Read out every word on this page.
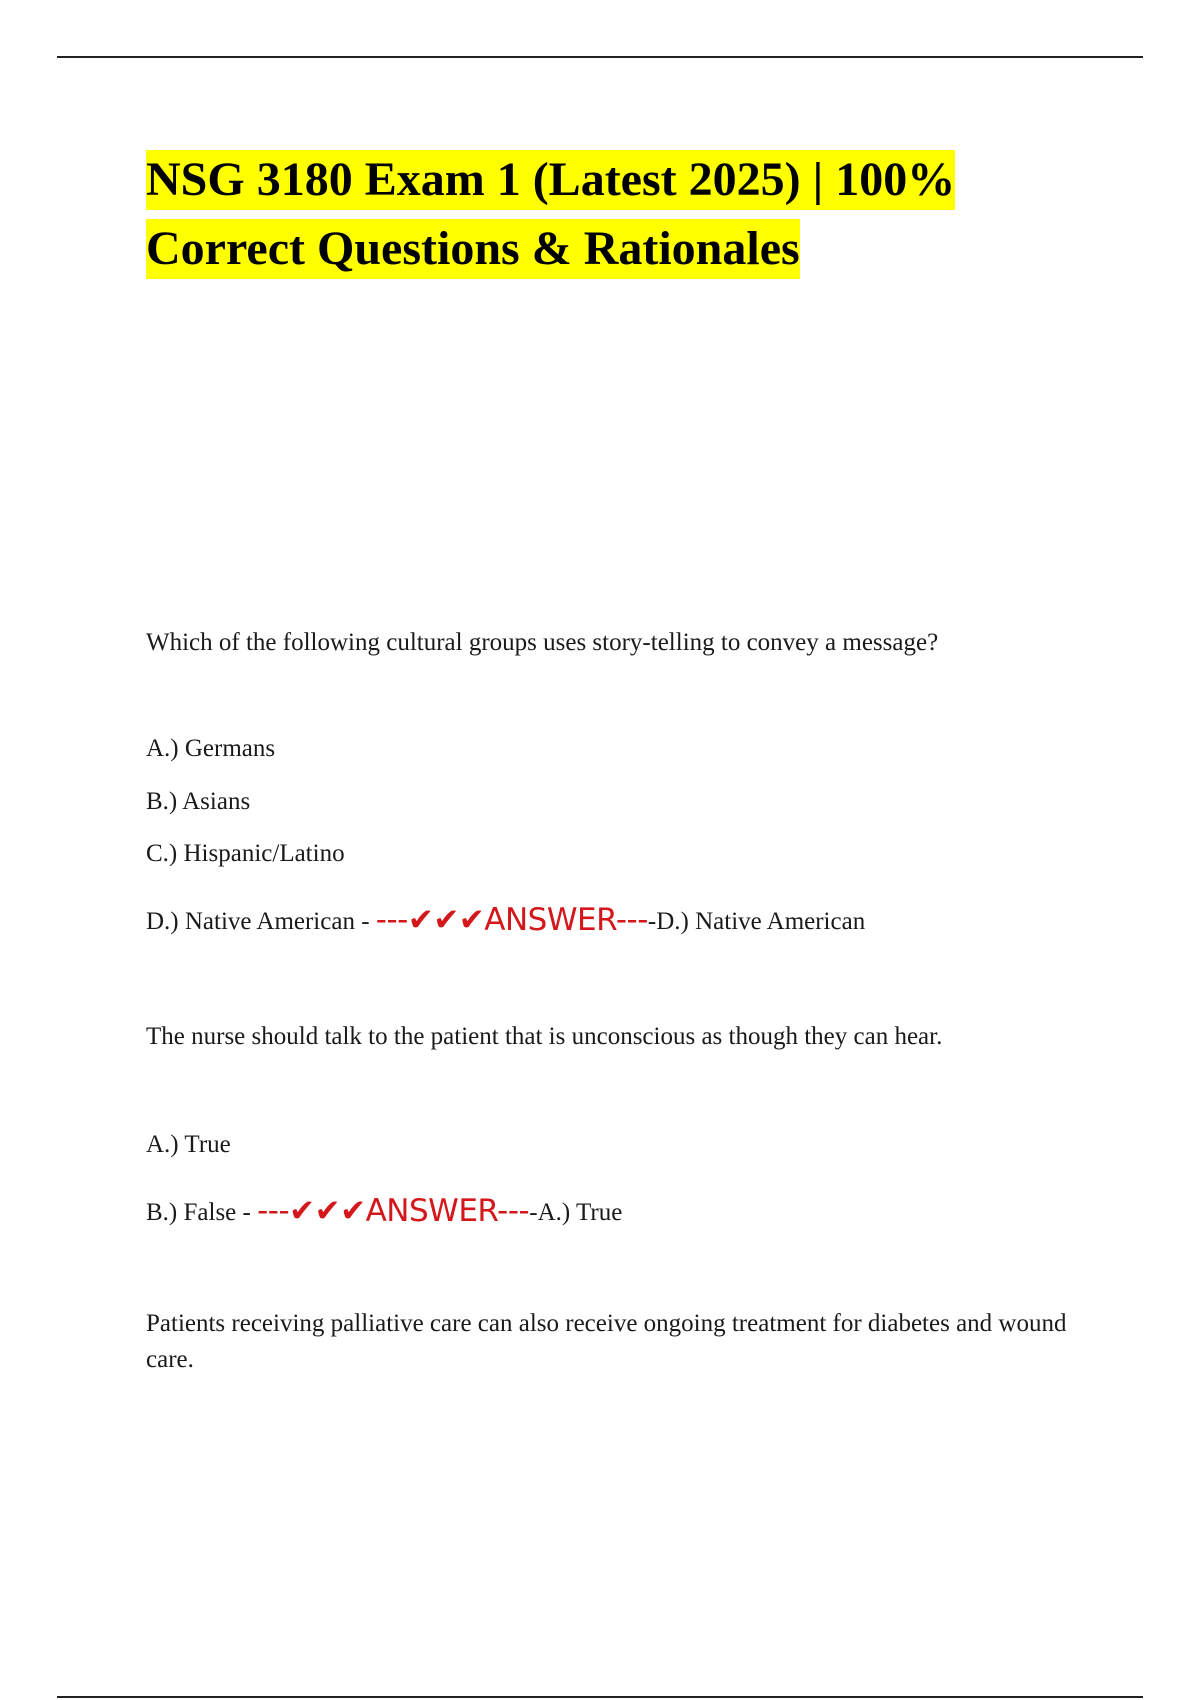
NSG 3180 Exam 1 (Latest 2025) | 100%
Correct Questions & Rationales

Which of the following cultural groups uses story-telling to convey a message?

A.) Germans

B.) Asians

C.) Hispanic/Latino

D.) Native American - ---✔✔✔ANSWER----D.) Native American

The nurse should talk to the patient that is unconscious as though they can hear.

A.) True

B.) False - ---✔✔✔ANSWER----A.) True

Patients receiving palliative care can also receive ongoing treatment for diabetes and wound care.
